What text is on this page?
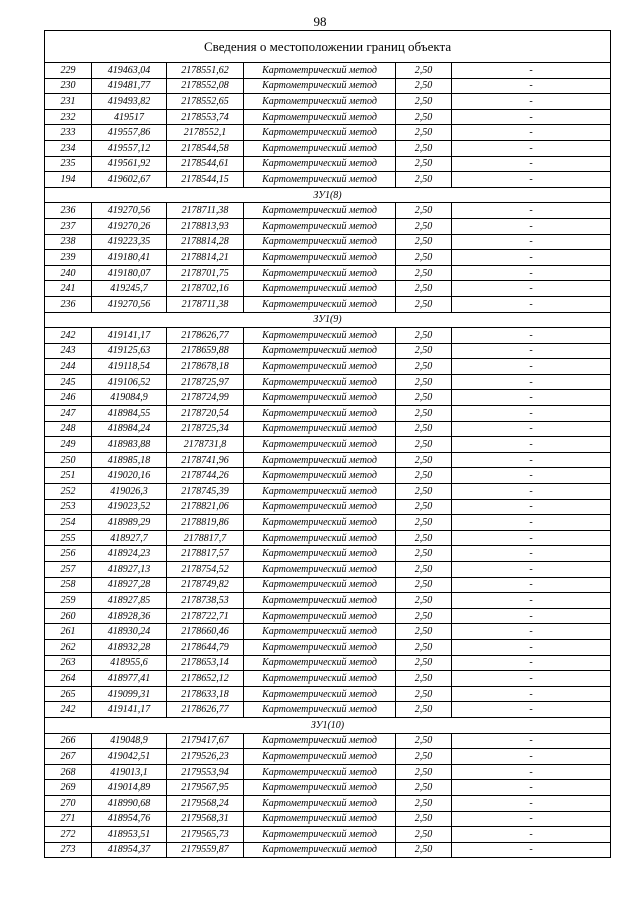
98
Сведения о местоположении границ объекта					
229	419463,04	2178551,62	Картометрический метод	2,50	-
230	419481,77	2178552,08	Картометрический метод	2,50	-
231	419493,82	2178552,65	Картометрический метод	2,50	-
232	419517	2178553,74	Картометрический метод	2,50	-
233	419557,86	2178552,1	Картометрический метод	2,50	-
234	419557,12	2178544,58	Картометрический метод	2,50	-
235	419561,92	2178544,61	Картометрический метод	2,50	-
194	419602,67	2178544,15	Картометрический метод	2,50	-
ЗУ1(8)					
236	419270,56	2178711,38	Картометрический метод	2,50	-
237	419270,26	2178813,93	Картометрический метод	2,50	-
238	419223,35	2178814,28	Картометрический метод	2,50	-
239	419180,41	2178814,21	Картометрический метод	2,50	-
240	419180,07	2178701,75	Картометрический метод	2,50	-
241	419245,7	2178702,16	Картометрический метод	2,50	-
236	419270,56	2178711,38	Картометрический метод	2,50	-
ЗУ1(9)					
242	419141,17	2178626,77	Картометрический метод	2,50	-
243	419125,63	2178659,88	Картометрический метод	2,50	-
244	419118,54	2178678,18	Картометрический метод	2,50	-
245	419106,52	2178725,97	Картометрический метод	2,50	-
246	419084,9	2178724,99	Картометрический метод	2,50	-
247	418984,55	2178720,54	Картометрический метод	2,50	-
248	418984,24	2178725,34	Картометрический метод	2,50	-
249	418983,88	2178731,8	Картометрический метод	2,50	-
250	418985,18	2178741,96	Картометрический метод	2,50	-
251	419020,16	2178744,26	Картометрический метод	2,50	-
252	419026,3	2178745,39	Картометрический метод	2,50	-
253	419023,52	2178821,06	Картометрический метод	2,50	-
254	418989,29	2178819,86	Картометрический метод	2,50	-
255	418927,7	2178817,7	Картометрический метод	2,50	-
256	418924,23	2178817,57	Картометрический метод	2,50	-
257	418927,13	2178754,52	Картометрический метод	2,50	-
258	418927,28	2178749,82	Картометрический метод	2,50	-
259	418927,85	2178738,53	Картометрический метод	2,50	-
260	418928,36	2178722,71	Картометрический метод	2,50	-
261	418930,24	2178660,46	Картометрический метод	2,50	-
262	418932,28	2178644,79	Картометрический метод	2,50	-
263	418955,6	2178653,14	Картометрический метод	2,50	-
264	418977,41	2178652,12	Картометрический метод	2,50	-
265	419099,31	2178633,18	Картометрический метод	2,50	-
242	419141,17	2178626,77	Картометрический метод	2,50	-
ЗУ1(10)					
266	419048,9	2179417,67	Картометрический метод	2,50	-
267	419042,51	2179526,23	Картометрический метод	2,50	-
268	419013,1	2179553,94	Картометрический метод	2,50	-
269	419014,89	2179567,95	Картометрический метод	2,50	-
270	418990,68	2179568,24	Картометрический метод	2,50	-
271	418954,76	2179568,31	Картометрический метод	2,50	-
272	418953,51	2179565,73	Картометрический метод	2,50	-
273	418954,37	2179559,87	Картометрический метод	2,50	-
